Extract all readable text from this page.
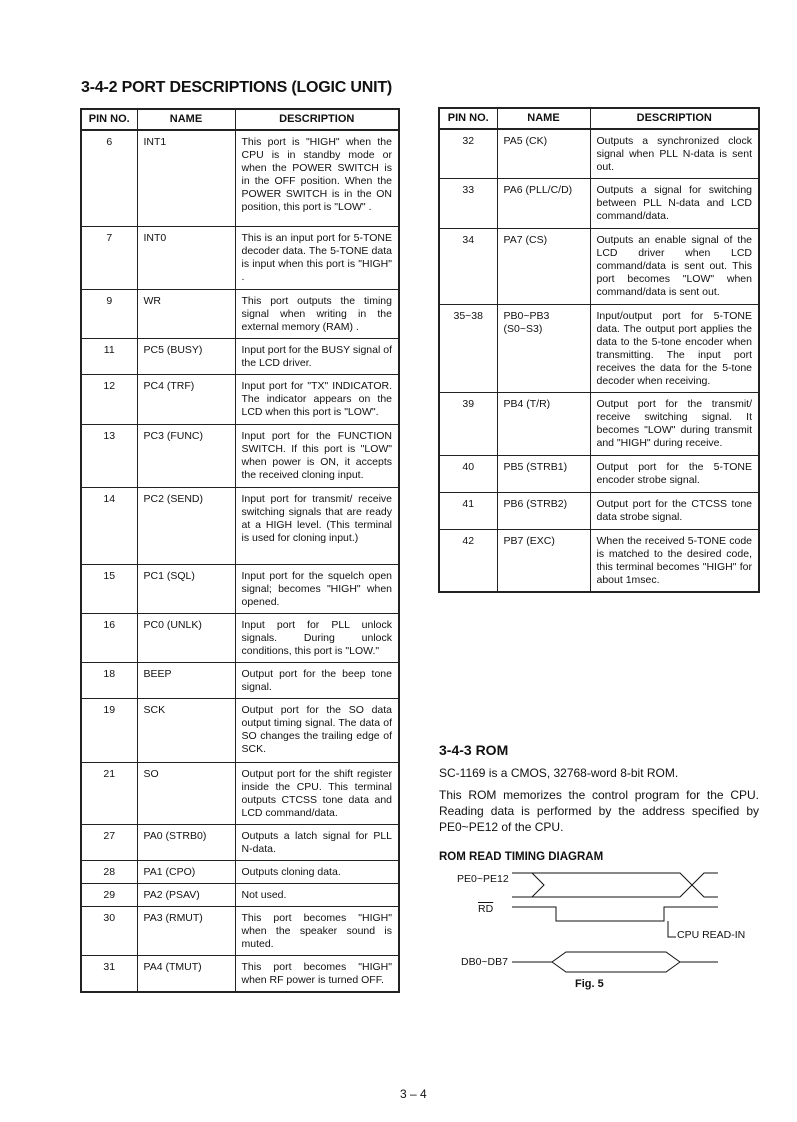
3-4-2 PORT DESCRIPTIONS (LOGIC UNIT)
PIN NO.	NAME	DESCRIPTION
6	INT1	This port is "HIGH" when the CPU is in standby mode or when the POWER SWITCH is in the OFF position. When the POWER SWITCH is in the ON position, this port is "LOW" .
7	INT0	This is an input port for 5-TONE decoder data. The 5-TONE data is input when this port is "HIGH" .
9	WR	This port outputs the timing signal when writing in the external memory (RAM) .
11	PC5 (BUSY)	Input port for the BUSY signal of the LCD driver.
12	PC4 (TRF)	Input port for "TX" INDICATOR. The indicator appears on the LCD when this port is "LOW".
13	PC3 (FUNC)	Input port for the FUNCTION SWITCH. If this port is "LOW" when power is ON, it accepts the received cloning input.
14	PC2 (SEND)	Input port for transmit/ receive switching signals that are ready at a HIGH level. (This terminal is used for cloning input.)
15	PC1 (SQL)	Input port for the squelch open signal; becomes "HIGH" when opened.
16	PC0 (UNLK)	Input port for PLL unlock signals. During unlock conditions, this port is "LOW."
18	BEEP	Output port for the beep tone signal.
19	SCK	Output port for the SO data output timing signal. The data of SO changes the trailing edge of SCK.
21	SO	Output port for the shift register inside the CPU. This terminal outputs CTCSS tone data and LCD command/data.
27	PA0 (STRB0)	Outputs a latch signal for PLL N-data.
28	PA1 (CPO)	Outputs cloning data.
29	PA2 (PSAV)	Not used.
30	PA3 (RMUT)	This port becomes "HIGH" when the speaker sound is muted.
31	PA4 (TMUT)	This port becomes "HIGH" when RF power is turned OFF.
PIN NO.	NAME	DESCRIPTION
32	PA5 (CK)	Outputs a synchronized clock signal when PLL N-data is sent out.
33	PA6 (PLL/C/D)	Outputs a signal for switching between PLL N-data and LCD command/data.
34	PA7 (CS)	Outputs an enable signal of the LCD driver when LCD command/data is sent out. This port becomes "LOW" when command/data is sent out.
35~38	PB0~PB3 (S0~S3)	Input/output port for 5-TONE data. The output port applies the data to the 5-tone encoder when transmitting. The input port receives the data for the 5-tone decoder when receiving.
39	PB4 (T/R)	Output port for the transmit/ receive switching signal. It becomes "LOW" during transmit and "HIGH" during receive.
40	PB5 (STRB1)	Output port for the 5-TONE encoder strobe signal.
41	PB6 (STRB2)	Output port for the CTCSS tone data strobe signal.
42	PB7 (EXC)	When the received 5-TONE code is matched to the desired code, this terminal becomes "HIGH" for about 1msec.
3-4-3 ROM
SC-1169 is a CMOS, 32768-word 8-bit ROM.
This ROM memorizes the control program for the CPU. Reading data is performed by the address specified by PE0~PE12 of the CPU.
ROM READ TIMING DIAGRAM
PE0~PE12
$\overline{RD}$
DB0~DB7
CPU READ-IN
Fig. 5
3 – 4
